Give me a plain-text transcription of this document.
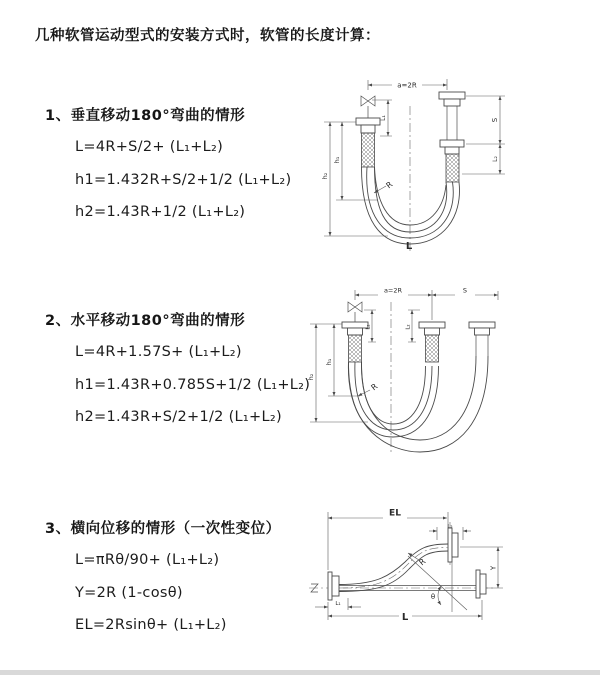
几种软管运动型式的安装方式时，软管的长度计算：
1、垂直移动180°弯曲的情形
L=4R+S/2+ (L₁+L₂)
h1=1.432R+S/2+1/2 (L₁+L₂)
h2=1.43R+1/2 (L₁+L₂)
2、水平移动180°弯曲的情形
L=4R+1.57S+ (L₁+L₂)
h1=1.43R+0.785S+1/2 (L₁+L₂)
h2=1.43R+S/2+1/2 (L₁+L₂)
3、横向位移的情形（一次性变位）
L=πRθ/90+ (L₁+L₂)
Y=2R (1-cosθ)
EL=2Rsinθ+ (L₁+L₂)
a=2R
L₁
h₁
h₂
S
L₂
R
L
a=2R	S
L₁	L₂
h₁
h₂
R
θ
EL
L₂
Y
L₁
L
R
